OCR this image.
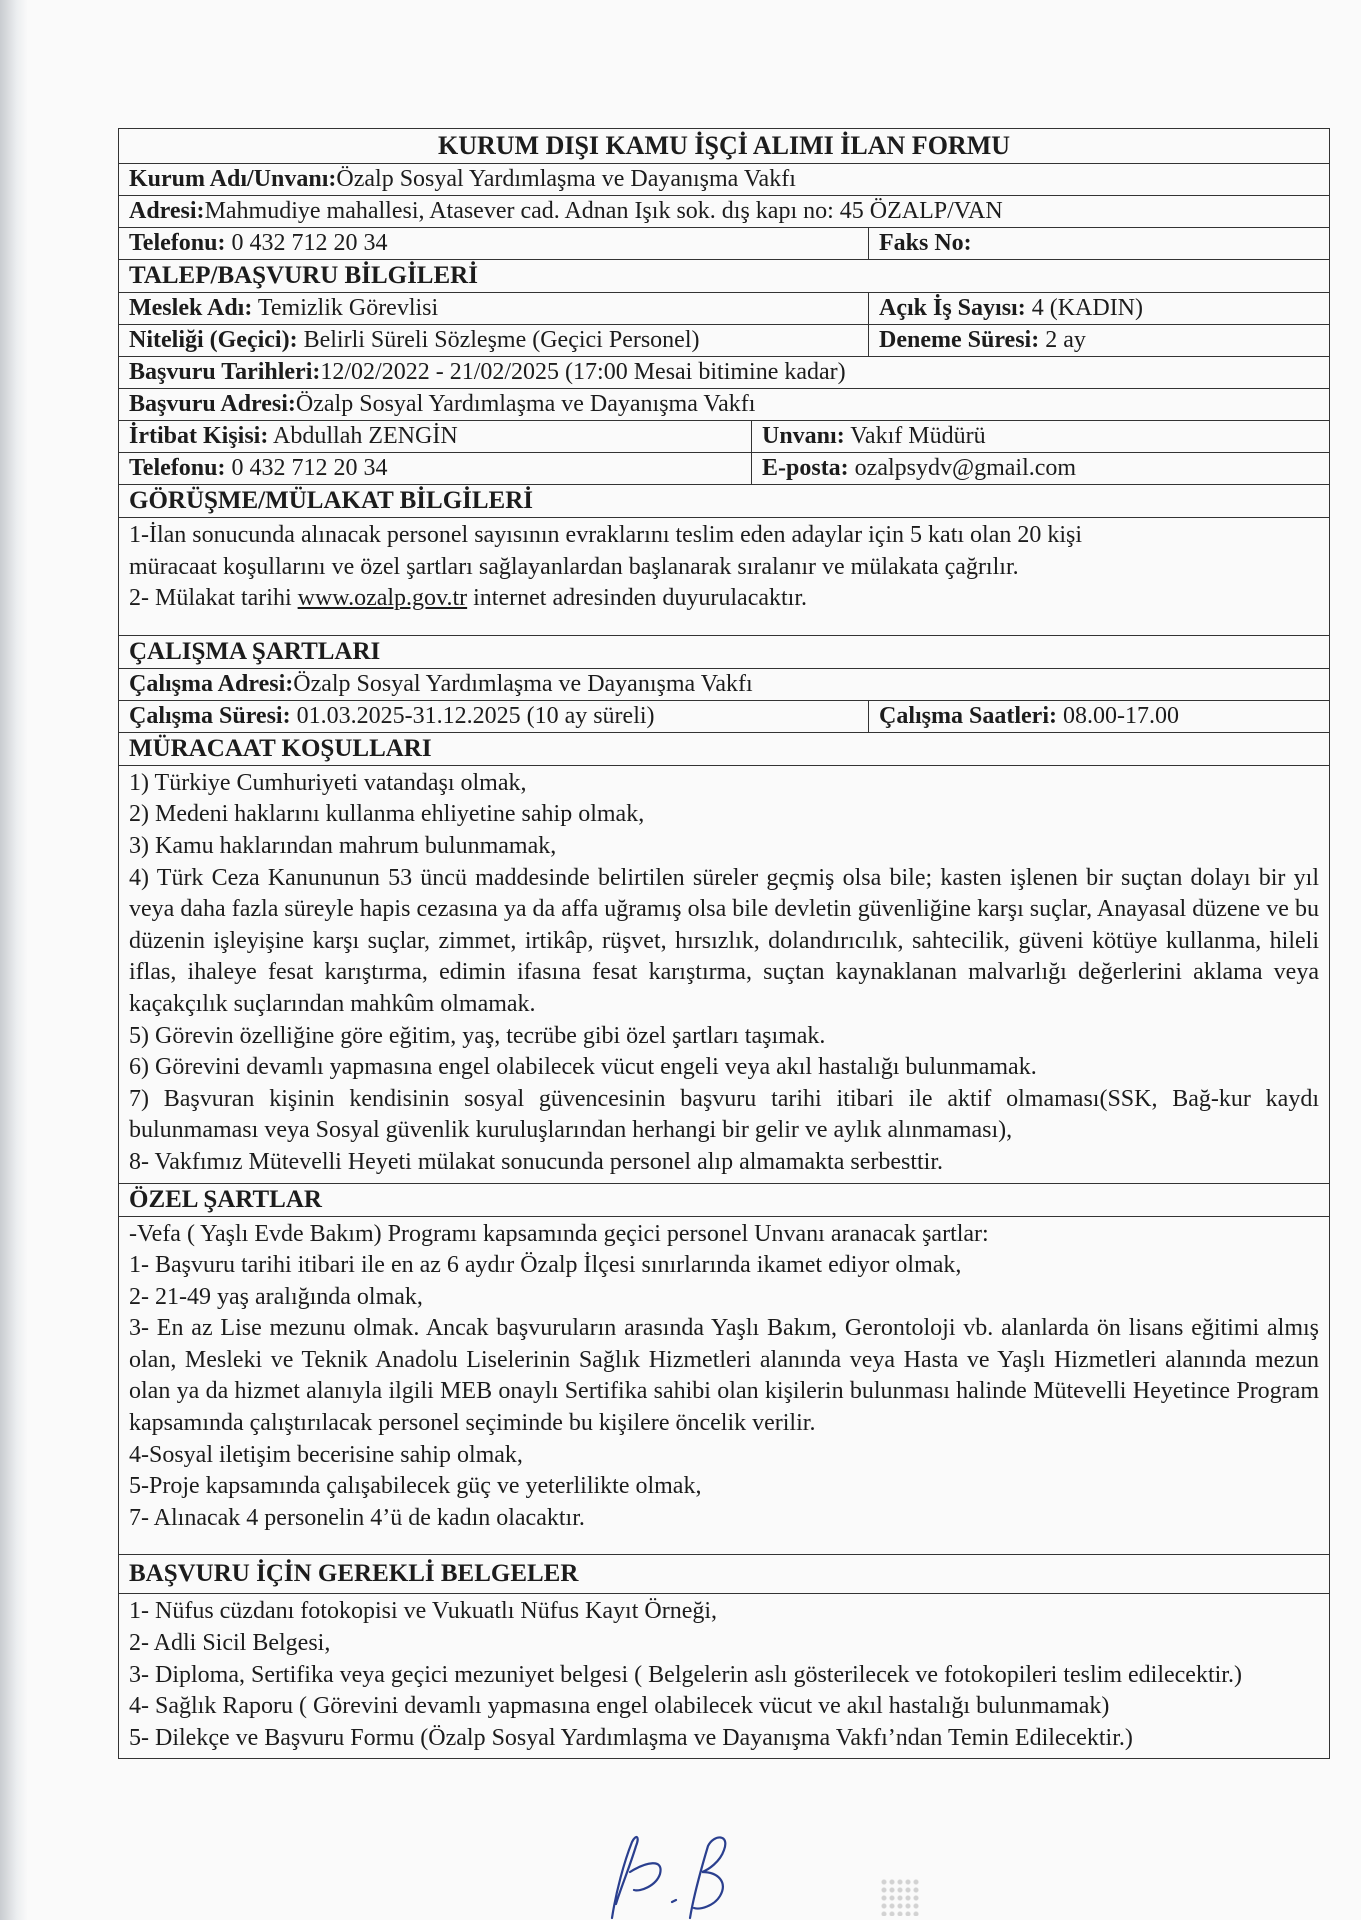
KURUM DIŞI KAMU İŞÇİ ALIMI İLAN FORMU
Kurum Adı/Unvanı: Özalp Sosyal Yardımlaşma ve Dayanışma Vakfı
Adresi: Mahmudiye mahallesi, Atasever cad. Adnan Işık sok. dış kapı no: 45 ÖZALP/VAN
Telefonu: 0 432 712 20 34	Faks No:
TALEP/BAŞVURU BİLGİLERİ
Meslek Adı: Temizlik Görevlisi	Açık İş Sayısı: 4 (KADIN)
Niteliği (Geçici): Belirli Süreli Sözleşme (Geçici Personel)	Deneme Süresi: 2 ay
Başvuru Tarihleri: 12/02/2022 - 21/02/2025 (17:00 Mesai bitimine kadar)
Başvuru Adresi: Özalp Sosyal Yardımlaşma ve Dayanışma Vakfı
İrtibat Kişisi: Abdullah ZENGİN	Unvanı: Vakıf Müdürü
Telefonu: 0 432 712 20 34	E-posta: ozalpsydv@gmail.com
GÖRÜŞME/MÜLAKAT BİLGİLERİ

1-İlan sonucunda alınacak personel sayısının evraklarını teslim eden adaylar için 5 katı olan 20 kişi

müracaat koşullarını ve özel şartları sağlayanlardan başlanarak sıralanır ve mülakata çağrılır.

2- Mülakat tarihi www.ozalp.gov.tr internet adresinden duyurulacaktır.

ÇALIŞMA ŞARTLARI
Çalışma Adresi: Özalp Sosyal Yardımlaşma ve Dayanışma Vakfı
Çalışma Süresi: 01.03.2025-31.12.2025 (10 ay süreli)	Çalışma Saatleri: 08.00-17.00
MÜRACAAT KOŞULLARI

1) Türkiye Cumhuriyeti vatandaşı olmak,

2) Medeni haklarını kullanma ehliyetine sahip olmak,

3) Kamu haklarından mahrum bulunmamak,

4) Türk Ceza Kanununun 53 üncü maddesinde belirtilen süreler geçmiş olsa bile; kasten işlenen bir suçtan dolayı bir yıl veya daha fazla süreyle hapis cezasına ya da affa uğramış olsa bile devletin güvenliğine karşı suçlar, Anayasal düzene ve bu düzenin işleyişine karşı suçlar, zimmet, irtikâp, rüşvet, hırsızlık, dolandırıcılık, sahtecilik, güveni kötüye kullanma, hileli iflas, ihaleye fesat karıştırma, edimin ifasına fesat karıştırma, suçtan kaynaklanan malvarlığı değerlerini aklama veya kaçakçılık suçlarından mahkûm olmamak.

5) Görevin özelliğine göre eğitim, yaş, tecrübe gibi özel şartları taşımak.

6) Görevini devamlı yapmasına engel olabilecek vücut engeli veya akıl hastalığı bulunmamak.

7) Başvuran kişinin kendisinin sosyal güvencesinin başvuru tarihi itibari ile aktif olmaması(SSK, Bağ-kur kaydı bulunmaması veya Sosyal güvenlik kuruluşlarından herhangi bir gelir ve aylık alınmaması),

8- Vakfımız Mütevelli Heyeti mülakat sonucunda personel alıp almamakta serbesttir.

ÖZEL ŞARTLAR

-Vefa ( Yaşlı Evde Bakım) Programı kapsamında geçici personel Unvanı aranacak şartlar:

1- Başvuru tarihi itibari ile en az 6 aydır Özalp İlçesi sınırlarında ikamet ediyor olmak,

2- 21-49 yaş aralığında olmak,

3- En az Lise mezunu olmak. Ancak başvuruların arasında Yaşlı Bakım, Gerontoloji vb. alanlarda ön lisans eğitimi almış olan, Mesleki ve Teknik Anadolu Liselerinin Sağlık Hizmetleri alanında veya Hasta ve Yaşlı Hizmetleri alanında mezun olan ya da hizmet alanıyla ilgili MEB onaylı Sertifika sahibi olan kişilerin bulunması halinde Mütevelli Heyetince Program kapsamında çalıştırılacak personel seçiminde bu kişilere öncelik verilir.

4-Sosyal iletişim becerisine sahip olmak,

5-Proje kapsamında çalışabilecek güç ve yeterlilikte olmak,

7- Alınacak 4 personelin 4’ü de kadın olacaktır.

BAŞVURU İÇİN GEREKLİ BELGELER

1- Nüfus cüzdanı fotokopisi ve Vukuatlı Nüfus Kayıt Örneği,

2- Adli Sicil Belgesi,

3- Diploma, Sertifika veya geçici mezuniyet belgesi ( Belgelerin aslı gösterilecek ve fotokopileri teslim edilecektir.)

4- Sağlık Raporu ( Görevini devamlı yapmasına engel olabilecek vücut ve akıl hastalığı bulunmamak)

5- Dilekçe ve Başvuru Formu (Özalp Sosyal Yardımlaşma ve Dayanışma Vakfı’ndan Temin Edilecektir.)
